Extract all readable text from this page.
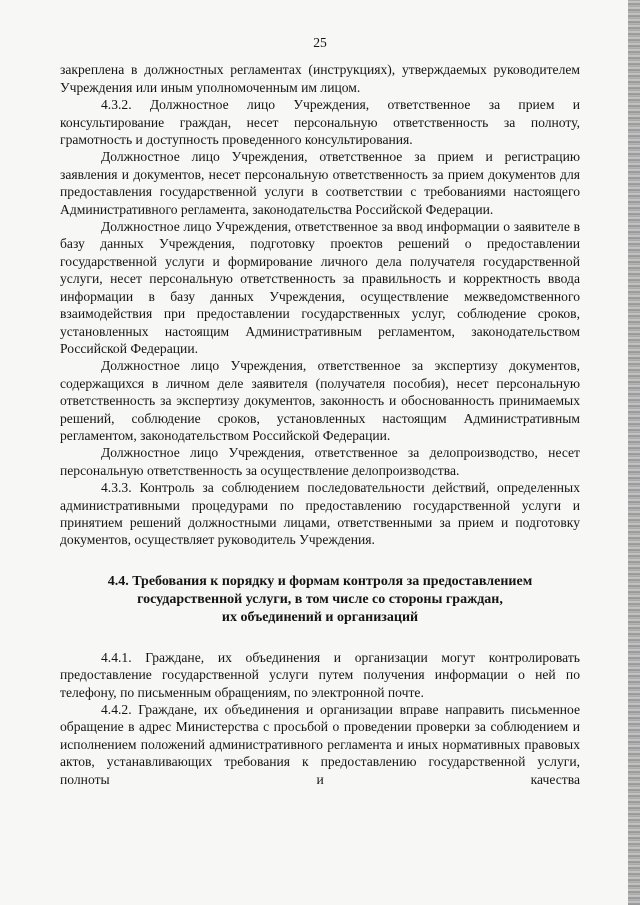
25

закреплена в должностных регламентах (инструкциях), утверждаемых руководителем Учреждения или иным уполномоченным им лицом.

4.3.2. Должностное лицо Учреждения, ответственное за прием и консультирование граждан, несет персональную ответственность за полноту, грамотность и доступность проведенного консультирования.

Должностное лицо Учреждения, ответственное за прием и регистрацию заявления и документов, несет персональную ответственность за прием документов для предоставления государственной услуги в соответствии с требованиями настоящего Административного регламента, законодательства Российской Федерации.

Должностное лицо Учреждения, ответственное за ввод информации о заявителе в базу данных Учреждения, подготовку проектов решений о предоставлении государственной услуги и формирование личного дела получателя государственной услуги, несет персональную ответственность за правильность и корректность ввода информации в базу данных Учреждения, осуществление межведомственного взаимодействия при предоставлении государственных услуг, соблюдение сроков, установленных настоящим Административным регламентом, законодательством Российской Федерации.

Должностное лицо Учреждения, ответственное за экспертизу документов, содержащихся в личном деле заявителя (получателя пособия), несет персональную ответственность за экспертизу документов, законность и обоснованность принимаемых решений, соблюдение сроков, установленных настоящим Административным регламентом, законодательством Российской Федерации.

Должностное лицо Учреждения, ответственное за делопроизводство, несет персональную ответственность за осуществление делопроизводства.

4.3.3. Контроль за соблюдением последовательности действий, определенных административными процедурами по предоставлению государственной услуги и принятием решений должностными лицами, ответственными за прием и подготовку документов, осуществляет руководитель Учреждения.

4.4. Требования к порядку и формам контроля за предоставлением
государственной услуги, в том числе со стороны граждан,
их объединений и организаций

4.4.1. Граждане, их объединения и организации могут контролировать предоставление государственной услуги путем получения информации о ней по телефону, по письменным обращениям, по электронной почте.

4.4.2. Граждане, их объединения и организации вправе направить письменное обращение в адрес Министерства с просьбой о проведении проверки за соблюдением и исполнением положений административного регламента и иных нормативных правовых актов, устанавливающих требования к предоставлению государственной услуги, полноты и качества
